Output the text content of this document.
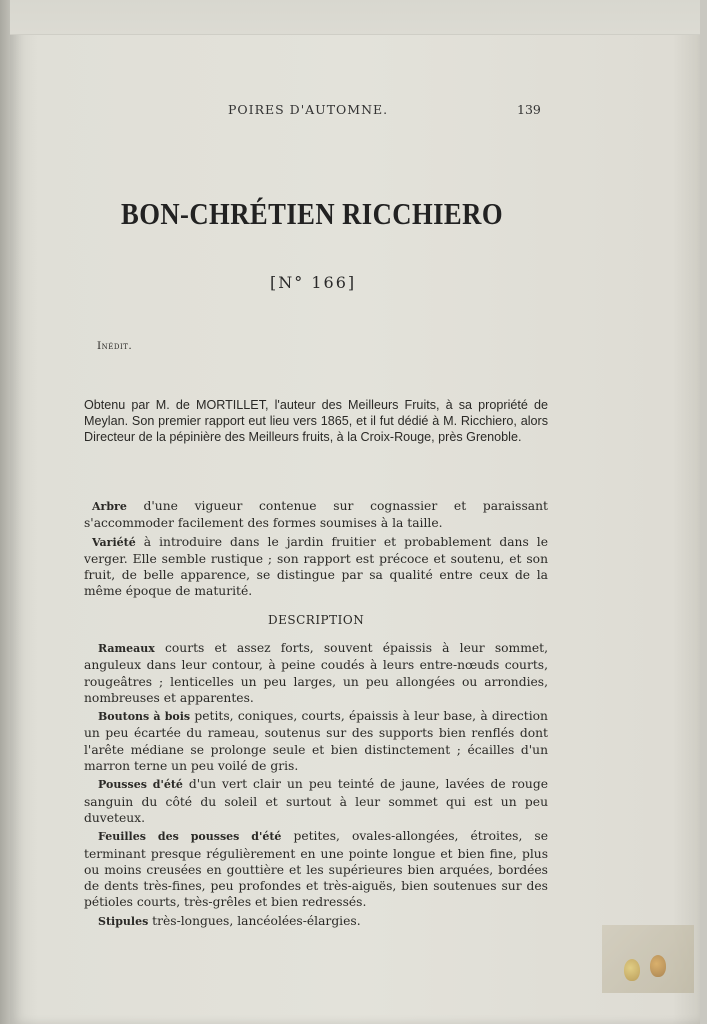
POIRES D'AUTOMNE.	139
BON-CHRÉTIEN RICCHIERO
[N° 166]
Inédit.
Obtenu par M. de MORTILLET, l'auteur des Meilleurs Fruits, à sa propriété de Meylan. Son premier rapport eut lieu vers 1865, et il fut dédié à M. Ricchiero, alors Directeur de la pépinière des Meilleurs fruits, à la Croix-Rouge, près Grenoble.
Arbre d'une vigueur contenue sur cognassier et paraissant s'accommoder facilement des formes soumises à la taille.
Variété à introduire dans le jardin fruitier et probablement dans le verger. Elle semble rustique ; son rapport est précoce et soutenu, et son fruit, de belle apparence, se distingue par sa qualité entre ceux de la même époque de maturité.
DESCRIPTION
Rameaux courts et assez forts, souvent épaissis à leur sommet, anguleux dans leur contour, à peine coudés à leurs entre-nœuds courts, rougeâtres ; lenticelles un peu larges, un peu allongées ou arrondies, nombreuses et apparentes.
Boutons à bois petits, coniques, courts, épaissis à leur base, à direction un peu écartée du rameau, soutenus sur des supports bien renflés dont l'arête médiane se prolonge seule et bien distinctement ; écailles d'un marron terne un peu voilé de gris.
Pousses d'été d'un vert clair un peu teinté de jaune, lavées de rouge sanguin du côté du soleil et surtout à leur sommet qui est un peu duveteux.
Feuilles des pousses d'été petites, ovales-allongées, étroites, se terminant presque régulièrement en une pointe longue et bien fine, plus ou moins creusées en gouttière et les supérieures bien arquées, bordées de dents très-fines, peu profondes et très-aiguës, bien soutenues sur des pétioles courts, très-grêles et bien redressés.
Stipules très-longues, lancéolées-élargies.
